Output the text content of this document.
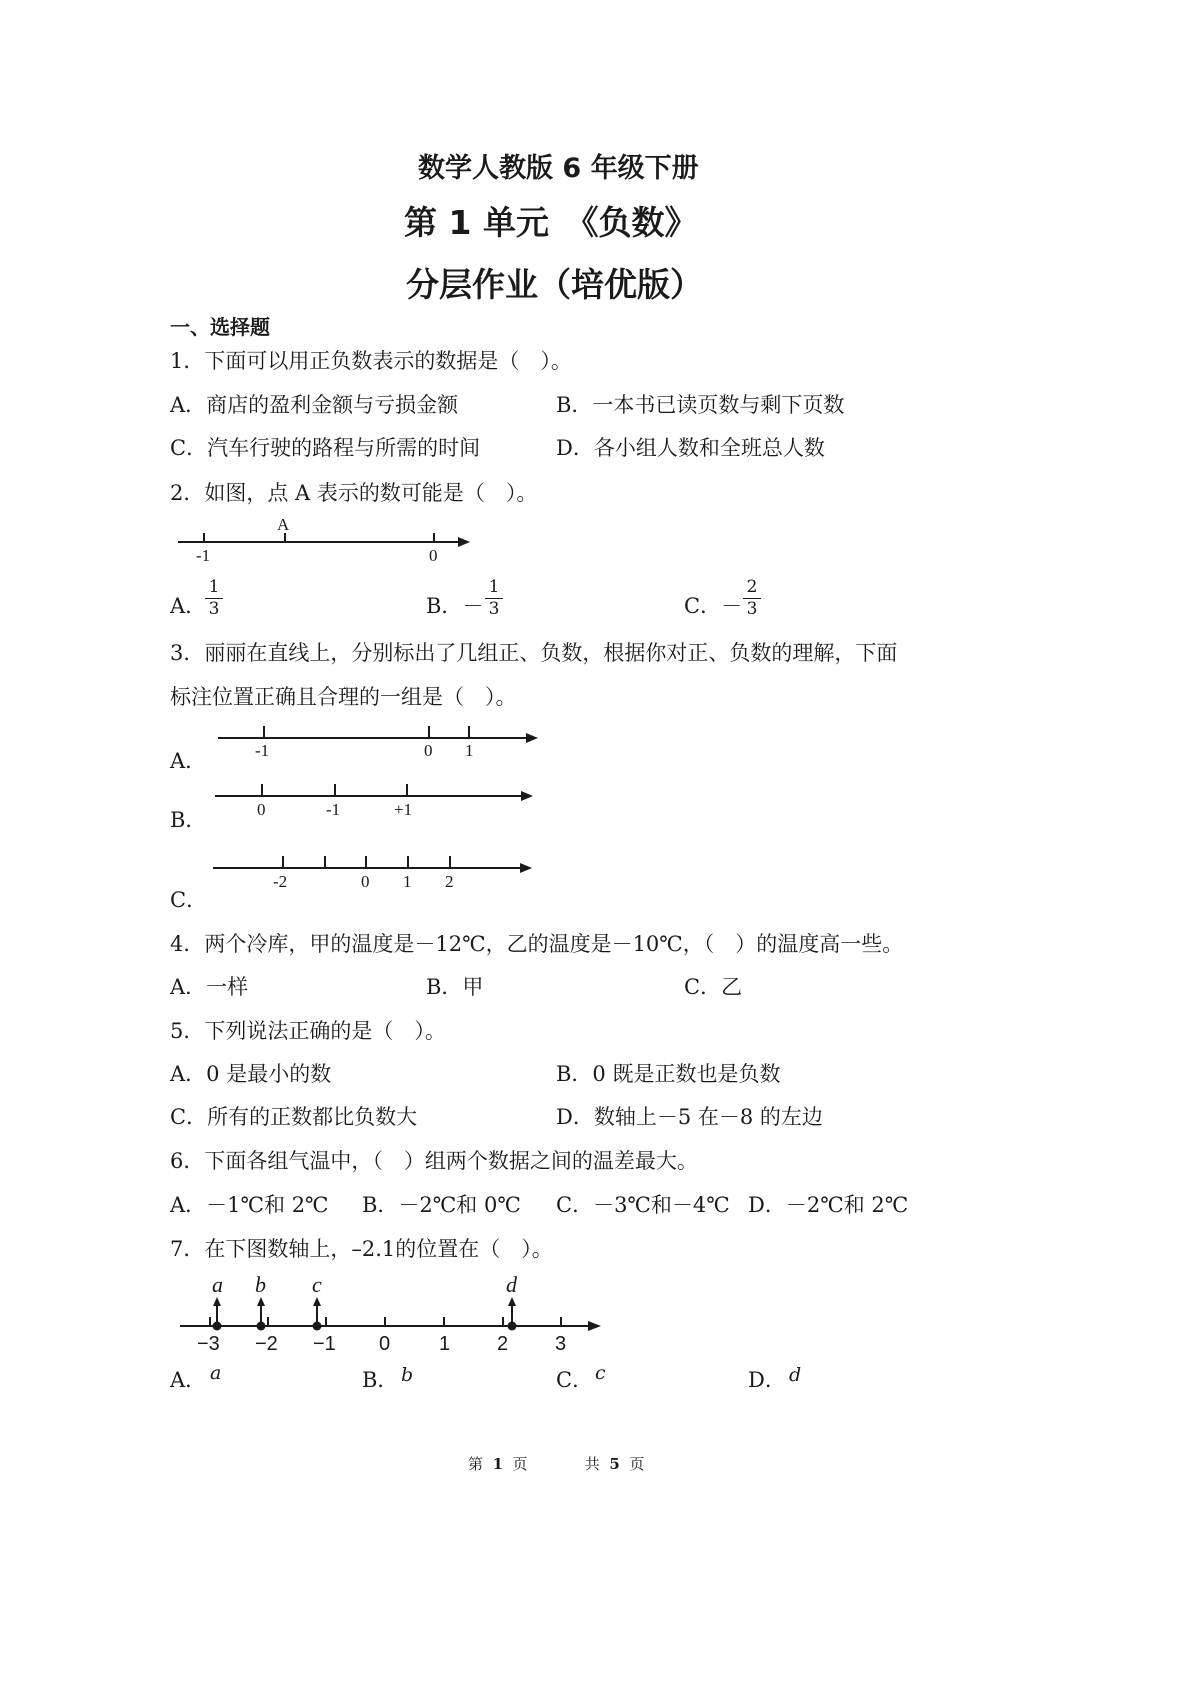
数学人教版 6 年级下册
第 1 单元　《负数》
分层作业（培优版）
一、选择题
1．下面可以用正负数表示的数据是（　）。
A．商店的盈利金额与亏损金额	B．一本书已读页数与剩下页数
C．汽车行驶的路程与所需的时间	D．各小组人数和全班总人数
2．如图，点 A 表示的数可能是（　）。
A
-1	0
A．
1
3	B．－
1
3	C．－
2
3
3．丽丽在直线上，分别标出了几组正、负数，根据你对正、负数的理解，下面
标注位置正确且合理的一组是（　）。
A．	-1	0 1
B．	0	-1	+1
C．
-2	0 1 2
4．两个冷库，甲的温度是－12℃，乙的温度是－10℃，（　）的温度高一些。
A．一样	B．甲	C．乙
5．下列说法正确的是（　）。
A．0 是最小的数	B．0 既是正数也是负数
C．所有的正数都比负数大	D．数轴上－5 在－8 的左边
6．下面各组气温中，（　）组两个数据之间的温差最大。
A．－1℃和 2℃ B．－2℃和 0℃ C．－3℃和－4℃ D．－2℃和 2℃
7．在下图数轴上，–2.1的位置在（　）。
a b c	d
−3 −2 −1 0 1 2 3
A． a	B． b	C． c	D． d
第 1 页	共 5 页
